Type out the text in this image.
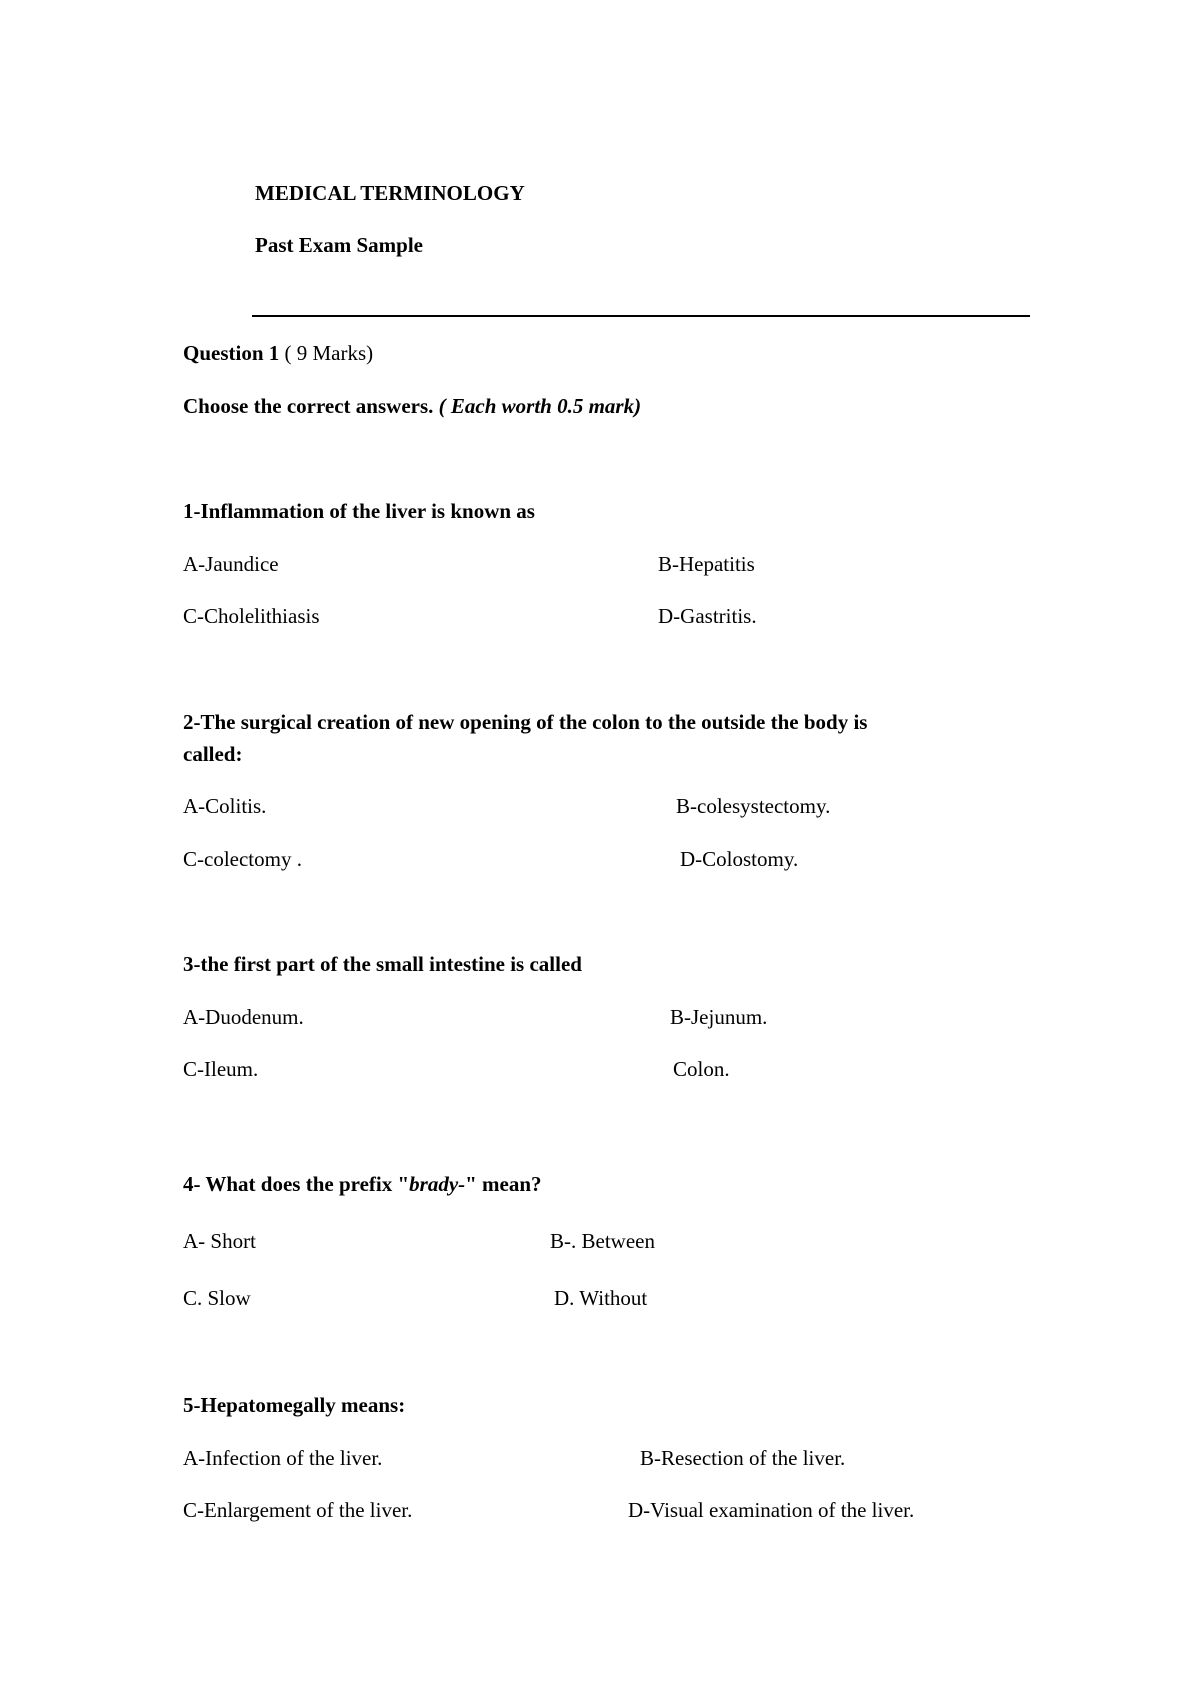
MEDICAL TERMINOLOGY
Past Exam Sample
Question 1 ( 9 Marks)
Choose the correct answers. ( Each worth 0.5 mark)
1-Inflammation of the liver is known as
A-Jaundice	B-Hepatitis
C-Cholelithiasis	D-Gastritis.
2-The surgical creation of new opening of the colon to the outside the body is
called:
A-Colitis.	B-colesystectomy.
C-colectomy .	D-Colostomy.
3-the first part of the small intestine is called
A-Duodenum.	B-Jejunum.
C-Ileum.	Colon.
4- What does the prefix "brady-" mean?
A- Short	B-. Between
C. Slow	D. Without
5-Hepatomegally means:
A-Infection of the liver.	B-Resection of the liver.
C-Enlargement of the liver.	D-Visual examination of the liver.
